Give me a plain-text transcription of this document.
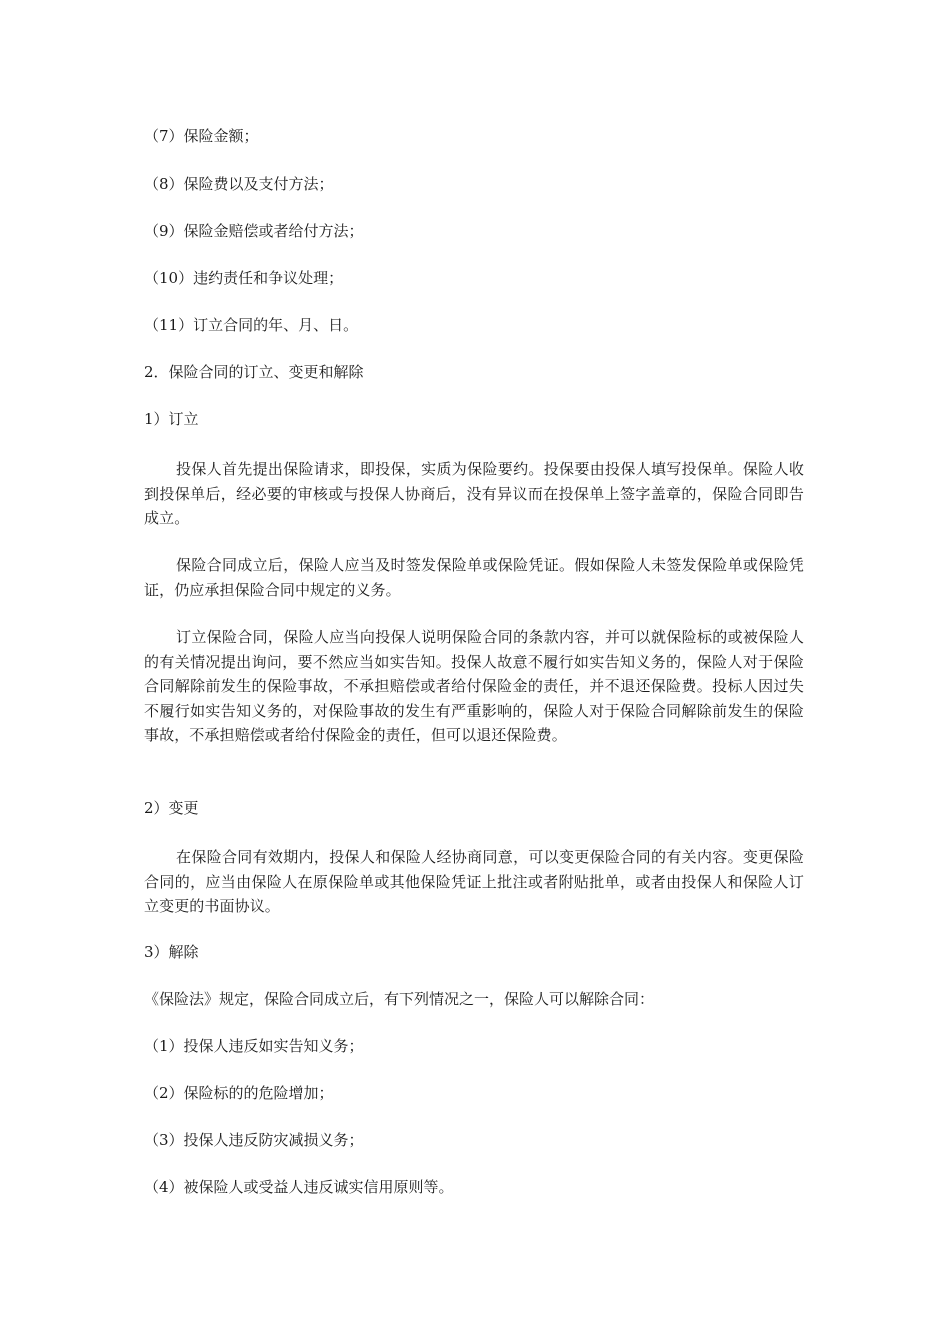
（7）保险金额；
（8）保险费以及支付方法；
（9）保险金赔偿或者给付方法；
（10）违约责任和争议处理；
（11）订立合同的年、月、日。
2．保险合同的订立、变更和解除
1）订立
投保人首先提出保险请求，即投保，实质为保险要约。投保要由投保人填写投保单。保险人收到投保单后，经必要的审核或与投保人协商后，没有异议而在投保单上签字盖章的，保险合同即告成立。
保险合同成立后，保险人应当及时签发保险单或保险凭证。假如保险人未签发保险单或保险凭证，仍应承担保险合同中规定的义务。
订立保险合同，保险人应当向投保人说明保险合同的条款内容，并可以就保险标的或被保险人的有关情况提出询问，要不然应当如实告知。投保人故意不履行如实告知义务的，保险人对于保险合同解除前发生的保险事故，不承担赔偿或者给付保险金的责任，并不退还保险费。投标人因过失不履行如实告知义务的，对保险事故的发生有严重影响的，保险人对于保险合同解除前发生的保险事故，不承担赔偿或者给付保险金的责任，但可以退还保险费。
2）变更
在保险合同有效期内，投保人和保险人经协商同意，可以变更保险合同的有关内容。变更保险合同的，应当由保险人在原保险单或其他保险凭证上批注或者附贴批单，或者由投保人和保险人订立变更的书面协议。
3）解除
《保险法》规定，保险合同成立后，有下列情况之一，保险人可以解除合同：
（1）投保人违反如实告知义务；
（2）保险标的的危险增加；
（3）投保人违反防灾减损义务；
（4）被保险人或受益人违反诚实信用原则等。
